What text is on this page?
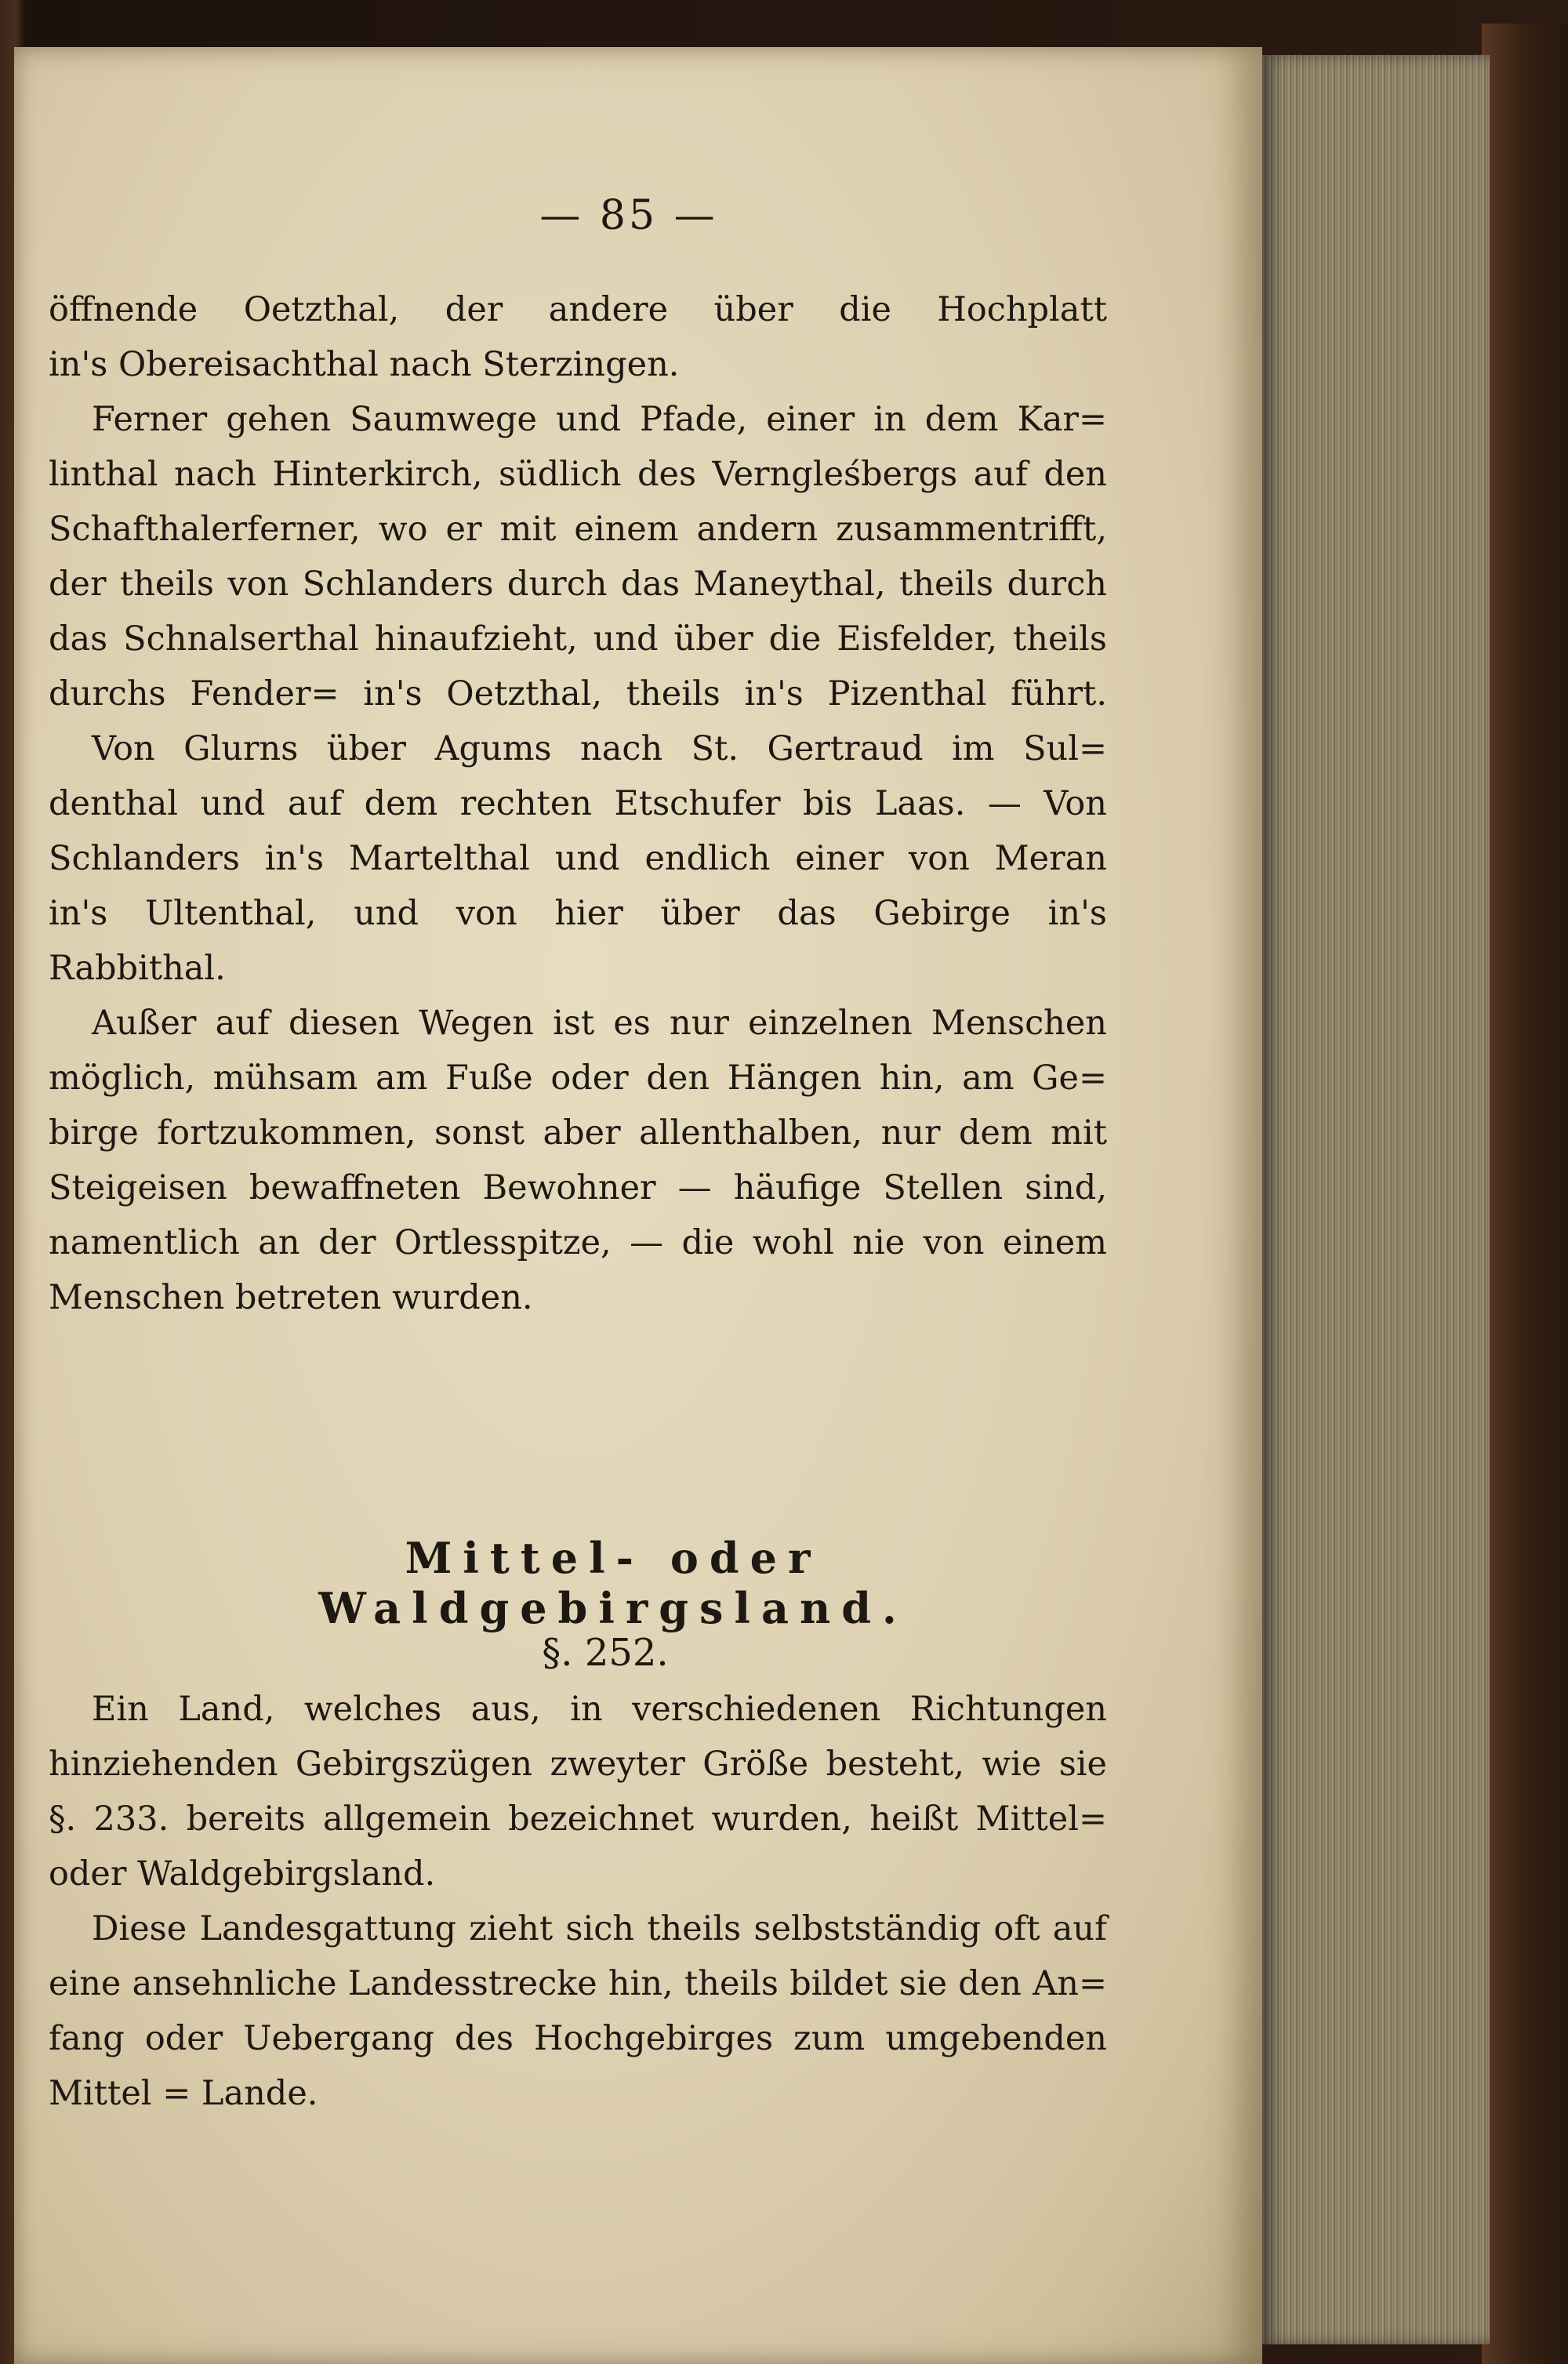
— 85 —
öffnende Oetzthal, der andere über die Hochplatt
in's Obereisachthal nach Sterzingen.
Ferner gehen Saumwege und Pfade, einer in dem Kar=
linthal nach Hinterkirch, südlich des Verngleśbergs auf den
Schafthalerferner, wo er mit einem andern zusammentrifft,
der theils von Schlanders durch das Maneythal, theils durch
das Schnalserthal hinaufzieht, und über die Eisfelder, theils
durchs Fender= in's Oetzthal, theils in's Pizenthal führt.
Von Glurns über Agums nach St. Gertraud im Sul=
denthal und auf dem rechten Etschufer bis Laas. — Von
Schlanders in's Martelthal und endlich einer von Meran
in's Ultenthal, und von hier über das Gebirge in's
Rabbithal.
Außer auf diesen Wegen ist es nur einzelnen Menschen
möglich, mühsam am Fuße oder den Hängen hin, am Ge=
birge fortzukommen, sonst aber allenthalben, nur dem mit
Steigeisen bewaffneten Bewohner — häufige Stellen sind,
namentlich an der Ortlesspitze, — die wohl nie von einem
Menschen betreten wurden.
Mittel- oder Waldgebirgsland.
§. 252.
Ein Land, welches aus, in verschiedenen Richtungen
hinziehenden Gebirgszügen zweyter Größe besteht, wie sie
§. 233. bereits allgemein bezeichnet wurden, heißt Mittel=
oder Waldgebirgsland.
Diese Landesgattung zieht sich theils selbstständig oft auf
eine ansehnliche Landesstrecke hin, theils bildet sie den An=
fang oder Uebergang des Hochgebirges zum umgebenden
Mittel = Lande.
